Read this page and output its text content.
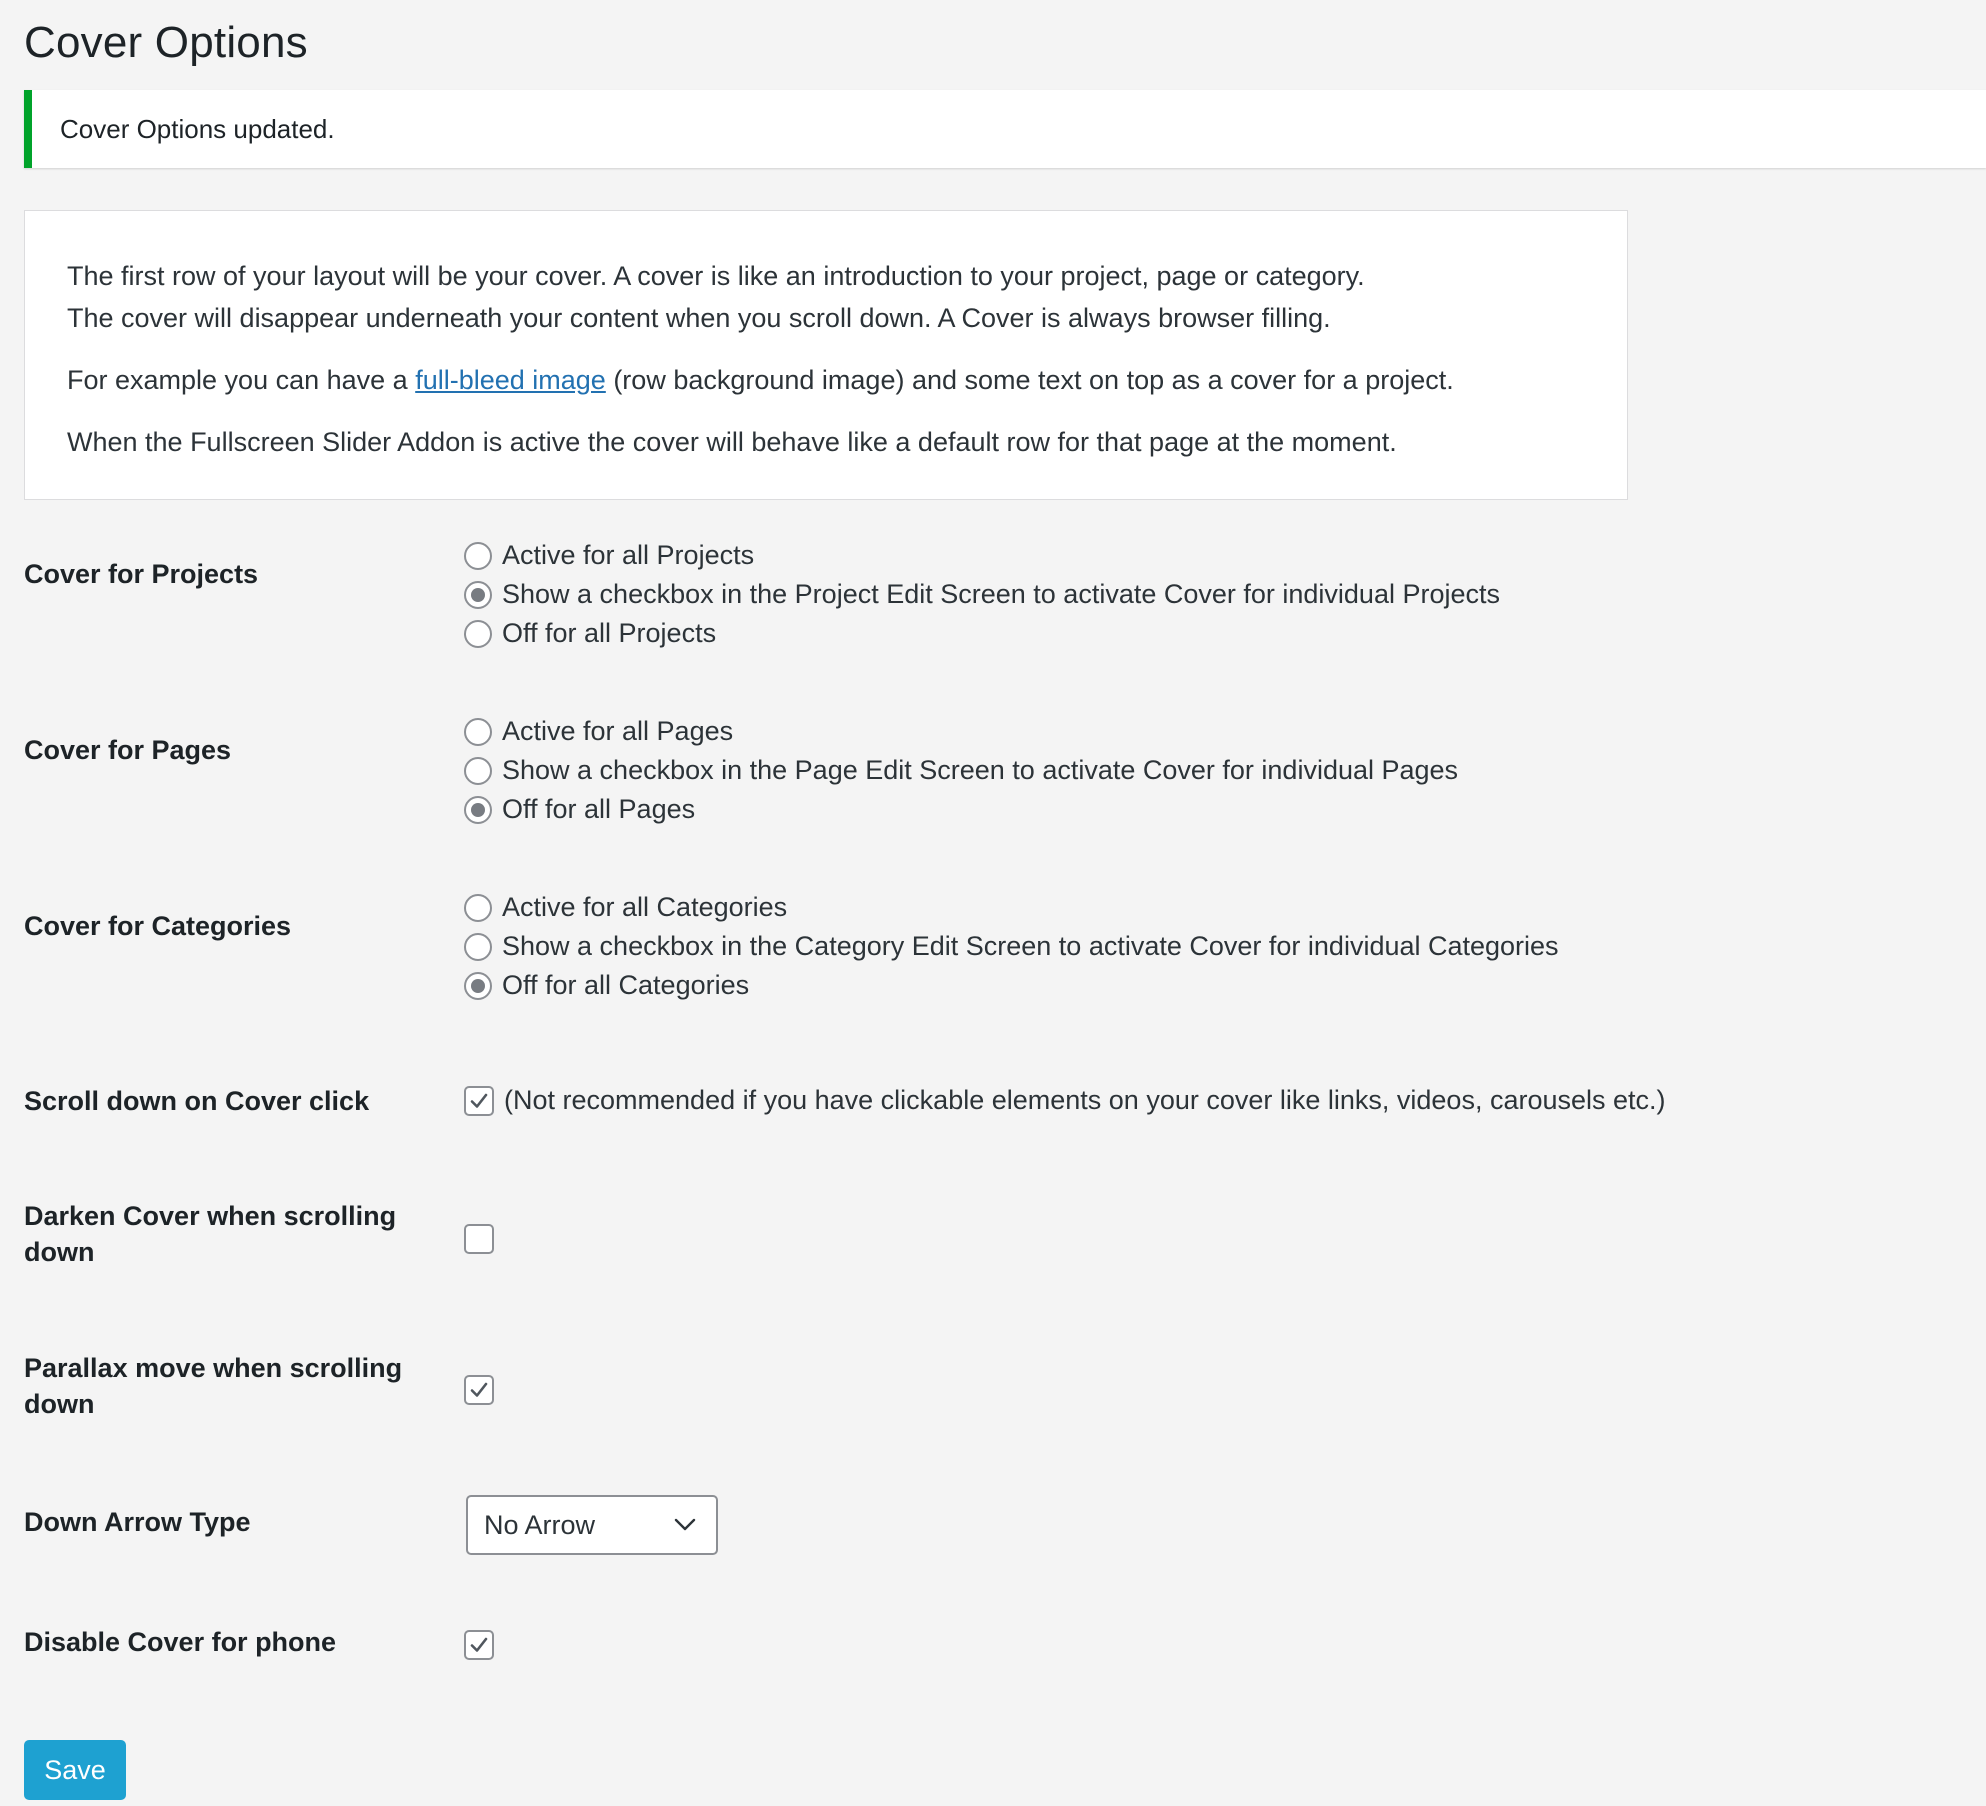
Cover Options
Cover Options updated.

The first row of your layout will be your cover. A cover is like an introduction to your project, page or category.
The cover will disappear underneath your content when you scroll down. A Cover is always browser filling.

For example you can have a full-bleed image (row background image) and some text on top as a cover for a project.

When the Fullscreen Slider Addon is active the cover will behave like a default row for that page at the moment.

Cover for Projects
Active for all Projects
Show a checkbox in the Project Edit Screen to activate Cover for individual Projects
Off for all Projects
Cover for Pages
Active for all Pages
Show a checkbox in the Page Edit Screen to activate Cover for individual Pages
Off for all Pages
Cover for Categories
Active for all Categories
Show a checkbox in the Category Edit Screen to activate Cover for individual Categories
Off for all Categories
Scroll down on Cover click	(Not recommended if you have clickable elements on your cover like links, videos, carousels etc.)
Darken Cover when scrolling
down
Parallax move when scrolling
down
Down Arrow Type	No Arrow
Disable Cover for phone
Save
